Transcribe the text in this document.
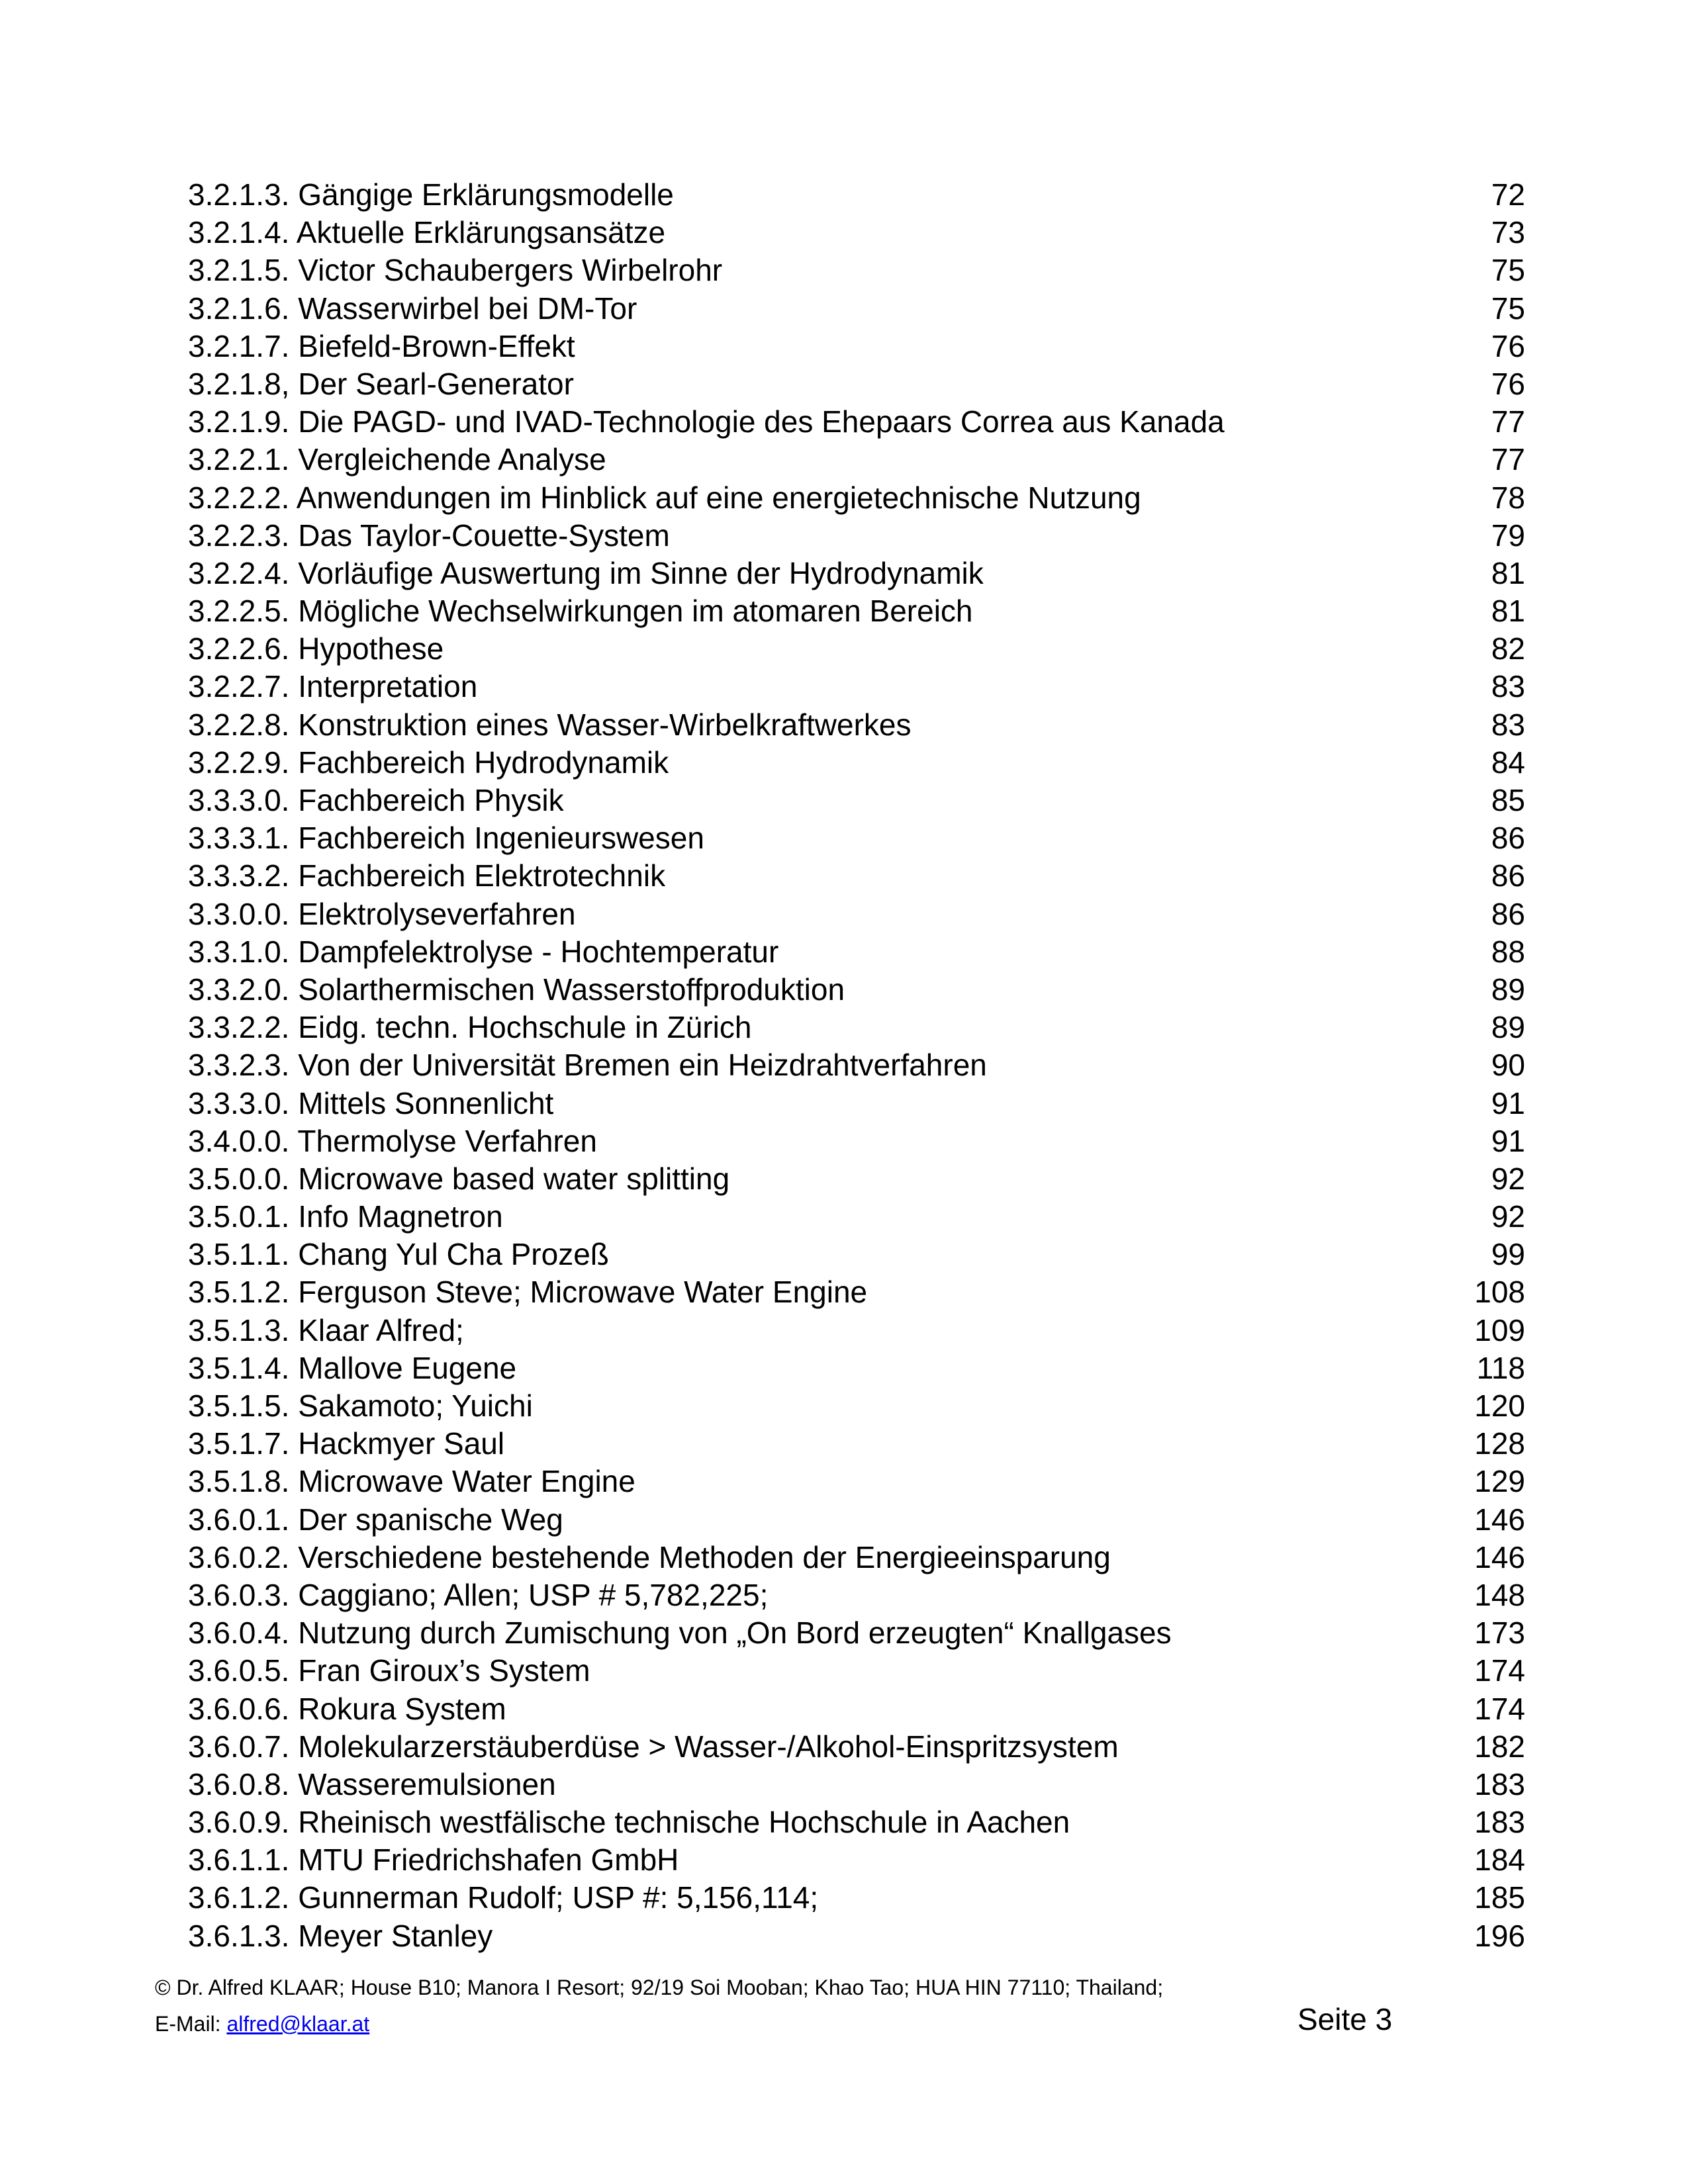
3.2.1.3. Gängige Erklärungsmodelle	72
3.2.1.4. Aktuelle Erklärungsansätze	73
3.2.1.5. Victor Schaubergers Wirbelrohr	75
3.2.1.6. Wasserwirbel bei DM-Tor	75
3.2.1.7. Biefeld-Brown-Effekt	76
3.2.1.8, Der Searl-Generator	76
3.2.1.9. Die PAGD- und IVAD-Technologie des Ehepaars Correa aus Kanada	77
3.2.2.1. Vergleichende Analyse	77
3.2.2.2. Anwendungen im Hinblick auf eine energietechnische Nutzung	78
3.2.2.3. Das Taylor-Couette-System	79
3.2.2.4. Vorläufige Auswertung im Sinne der Hydrodynamik	81
3.2.2.5. Mögliche Wechselwirkungen im atomaren Bereich	81
3.2.2.6. Hypothese	82
3.2.2.7. Interpretation	83
3.2.2.8. Konstruktion eines Wasser-Wirbelkraftwerkes	83
3.2.2.9. Fachbereich Hydrodynamik	84
3.3.3.0. Fachbereich Physik	85
3.3.3.1. Fachbereich Ingenieurswesen	86
3.3.3.2. Fachbereich Elektrotechnik	86
3.3.0.0. Elektrolyseverfahren	86
3.3.1.0. Dampfelektrolyse - Hochtemperatur	88
3.3.2.0. Solarthermischen Wasserstoffproduktion	89
3.3.2.2. Eidg. techn. Hochschule in Zürich	89
3.3.2.3. Von der Universität Bremen ein Heizdrahtverfahren	90
3.3.3.0. Mittels Sonnenlicht	91
3.4.0.0. Thermolyse Verfahren	91
3.5.0.0. Microwave based water splitting	92
3.5.0.1. Info Magnetron	92
3.5.1.1. Chang Yul Cha Prozeß	99
3.5.1.2. Ferguson Steve; Microwave Water Engine	108
3.5.1.3. Klaar Alfred;	109
3.5.1.4. Mallove Eugene	118
3.5.1.5. Sakamoto; Yuichi	120
3.5.1.7. Hackmyer Saul	128
3.5.1.8. Microwave Water Engine	129
3.6.0.1. Der spanische Weg	146
3.6.0.2. Verschiedene bestehende Methoden der Energieeinsparung	146
3.6.0.3. Caggiano; Allen; USP # 5,782,225;	148
3.6.0.4. Nutzung durch Zumischung von „On Bord erzeugten“ Knallgases	173
3.6.0.5. Fran Giroux’s System	174
3.6.0.6. Rokura System	174
3.6.0.7. Molekularzerstäuberdüse > Wasser-/Alkohol-Einspritzsystem	182
3.6.0.8. Wasseremulsionen	183
3.6.0.9. Rheinisch westfälische technische Hochschule in Aachen	183
3.6.1.1. MTU Friedrichshafen GmbH	184
3.6.1.2. Gunnerman Rudolf; USP #: 5,156,114;	185
3.6.1.3. Meyer Stanley	196
© Dr. Alfred KLAAR; House B10; Manora I Resort; 92/19 Soi Mooban; Khao Tao; HUA HIN 77110; Thailand;
E-Mail: alfred@klaar.at	Seite 3
